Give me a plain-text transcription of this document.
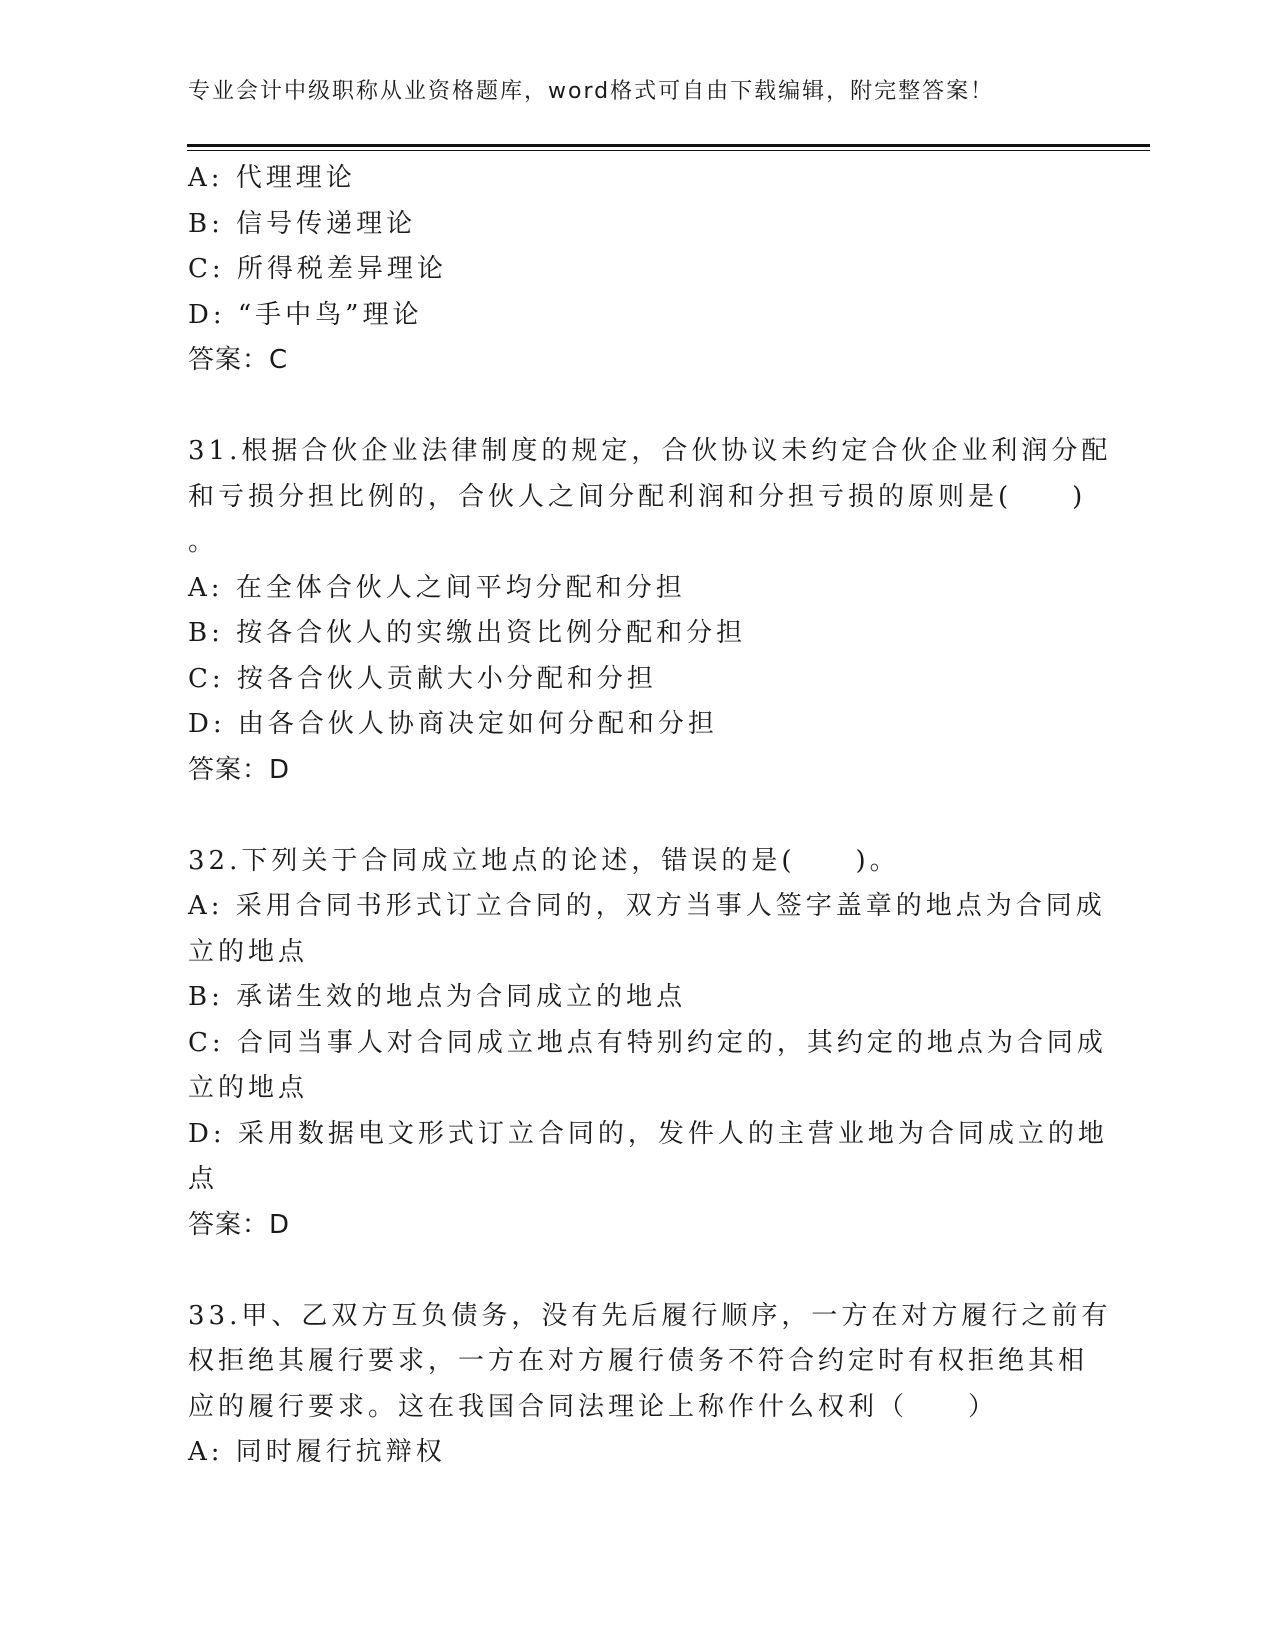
专业会计中级职称从业资格题库，word格式可自由下载编辑，附完整答案！
A: 代理理论
B: 信号传递理论
C: 所得税差异理论
D: “手中鸟”理论
答案：C
31.根据合伙企业法律制度的规定，合伙协议未约定合伙企业利润分配
和亏损分担比例的，合伙人之间分配利润和分担亏损的原则是(　　)
。
A: 在全体合伙人之间平均分配和分担
B: 按各合伙人的实缴出资比例分配和分担
C: 按各合伙人贡献大小分配和分担
D: 由各合伙人协商决定如何分配和分担
答案：D
32.下列关于合同成立地点的论述，错误的是(　　)。
A: 采用合同书形式订立合同的，双方当事人签字盖章的地点为合同成
立的地点
B: 承诺生效的地点为合同成立的地点
C: 合同当事人对合同成立地点有特别约定的，其约定的地点为合同成
立的地点
D: 采用数据电文形式订立合同的，发件人的主营业地为合同成立的地
点
答案：D
33.甲、乙双方互负债务，没有先后履行顺序，一方在对方履行之前有
权拒绝其履行要求，一方在对方履行债务不符合约定时有权拒绝其相
应的履行要求。这在我国合同法理论上称作什么权利（　　）
A: 同时履行抗辩权
